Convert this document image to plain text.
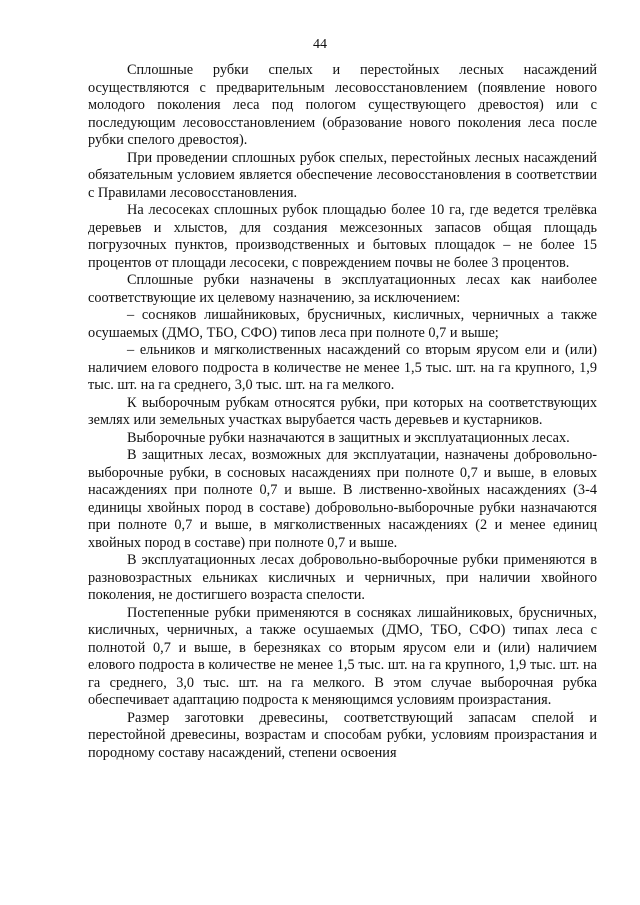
44

Сплошные рубки спелых и перестойных лесных насаждений осуществляются с предварительным лесовосстановлением (появление нового молодого поколения леса под пологом существующего древостоя) или с последующим лесовосстановлением (образование нового поколения леса после рубки спелого древостоя).

При проведении сплошных рубок спелых, перестойных лесных насаждений обязательным условием является обеспечение лесовосстановления в соответствии с Правилами лесовосстановления.

На лесосеках сплошных рубок площадью более 10 га, где ведется трелёвка деревьев и хлыстов, для создания межсезонных запасов общая площадь погрузочных пунктов, производственных и бытовых площадок – не более 15 процентов от площади лесосеки, с повреждением почвы не более 3 процентов.

Сплошные рубки назначены в эксплуатационных лесах как наиболее соответствующие их целевому назначению, за исключением:

– сосняков лишайниковых, брусничных, кисличных, черничных а также осушаемых (ДМО, ТБО, СФО) типов леса при полноте 0,7 и выше;

– ельников и мягколиственных насаждений со вторым ярусом ели и (или) наличием елового подроста в количестве не менее 1,5 тыс. шт. на га крупного, 1,9 тыс. шт. на га среднего, 3,0 тыс. шт. на га мелкого.

К выборочным рубкам относятся рубки, при которых на соответствующих землях или земельных участках вырубается часть деревьев и кустарников.

Выборочные рубки назначаются в защитных и эксплуатационных лесах.

В защитных лесах, возможных для эксплуатации, назначены добровольно-выборочные рубки, в сосновых насаждениях при полноте 0,7 и выше, в еловых насаждениях при полноте 0,7 и выше. В лиственно-хвойных насаждениях (3-4 единицы хвойных пород в составе) добровольно-выборочные рубки назначаются при полноте 0,7 и выше, в мягколиственных насаждениях (2 и менее единиц хвойных пород в составе) при полноте 0,7 и выше.

В эксплуатационных лесах добровольно-выборочные рубки применяются в разновозрастных ельниках кисличных и черничных, при наличии хвойного поколения, не достигшего возраста спелости.

Постепенные рубки применяются в сосняках лишайниковых, брусничных, кисличных, черничных, а также осушаемых (ДМО, ТБО, СФО) типах леса с полнотой 0,7 и выше, в березняках со вторым ярусом ели и (или) наличием елового подроста в количестве не менее 1,5 тыс. шт. на га крупного, 1,9 тыс. шт. на га среднего, 3,0 тыс. шт. на га мелкого. В этом случае выборочная рубка обеспечивает адаптацию подроста к меняющимся условиям произрастания.

Размер заготовки древесины, соответствующий запасам спелой и перестойной древесины, возрастам и способам рубки, условиям произрастания и породному составу насаждений, степени освоения
